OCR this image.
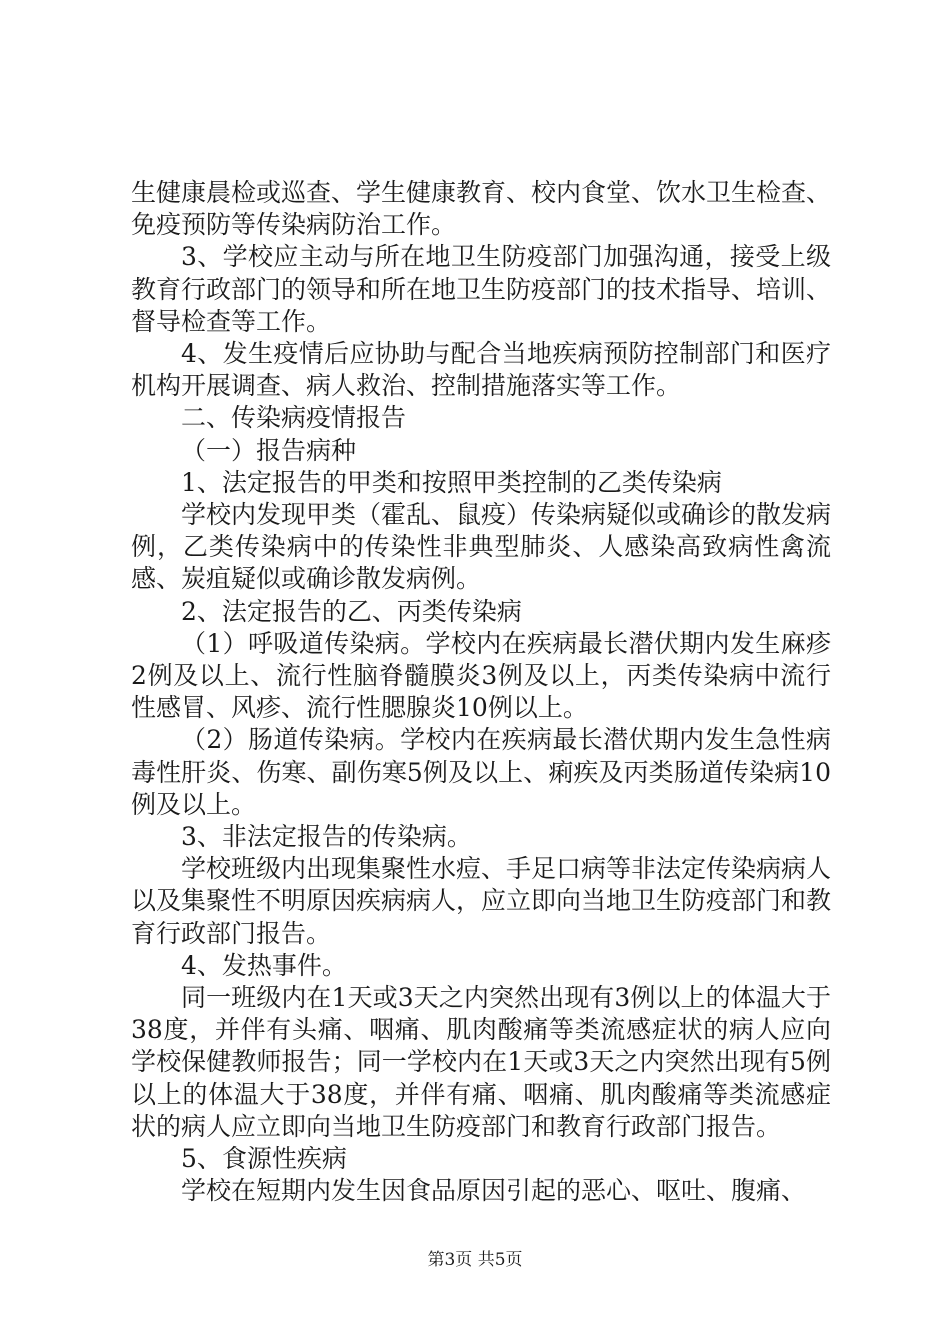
生健康晨检或巡查、学生健康教育、校内食堂、饮水卫生检查、免疫预防等传染病防治工作。

3、学校应主动与所在地卫生防疫部门加强沟通，接受上级教育行政部门的领导和所在地卫生防疫部门的技术指导、培训、督导检查等工作。

4、发生疫情后应协助与配合当地疾病预防控制部门和医疗机构开展调查、病人救治、控制措施落实等工作。

二、传染病疫情报告

（一）报告病种

1、法定报告的甲类和按照甲类控制的乙类传染病

学校内发现甲类（霍乱、鼠疫）传染病疑似或确诊的散发病例，乙类传染病中的传染性非典型肺炎、人感染高致病性禽流感、炭疽疑似或确诊散发病例。

2、法定报告的乙、丙类传染病

（1）呼吸道传染病。学校内在疾病最长潜伏期内发生麻疹2例及以上、流行性脑脊髓膜炎3例及以上，丙类传染病中流行性感冒、风疹、流行性腮腺炎10例以上。

（2）肠道传染病。学校内在疾病最长潜伏期内发生急性病毒性肝炎、伤寒、副伤寒5例及以上、痢疾及丙类肠道传染病10例及以上。

3、非法定报告的传染病。

学校班级内出现集聚性水痘、手足口病等非法定传染病病人以及集聚性不明原因疾病病人，应立即向当地卫生防疫部门和教育行政部门报告。

4、发热事件。

同一班级内在1天或3天之内突然出现有3例以上的体温大于38度，并伴有头痛、咽痛、肌肉酸痛等类流感症状的病人应向学校保健教师报告；同一学校内在1天或3天之内突然出现有5例以上的体温大于38度，并伴有痛、咽痛、肌肉酸痛等类流感症状的病人应立即向当地卫生防疫部门和教育行政部门报告。

5、食源性疾病

学校在短期内发生因食品原因引起的恶心、呕吐、腹痛、

第3页 共5页
